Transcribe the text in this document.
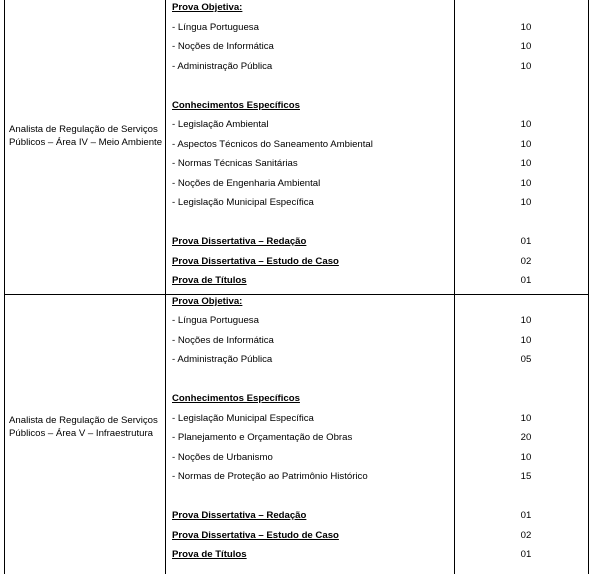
Analista de Regulação de Serviços Públicos – Área IV – Meio Ambiente
Prova Objetiva:
- Língua Portuguesa	10
- Noções de Informática	10
- Administração Pública	10
Conhecimentos Específicos
- Legislação Ambiental	10
- Aspectos Técnicos do Saneamento Ambiental	10
- Normas Técnicas Sanitárias	10
- Noções de Engenharia Ambiental	10
- Legislação Municipal Específica	10
Prova Dissertativa – Redação	01
Prova Dissertativa – Estudo de Caso	02
Prova de Títulos	01
Analista de Regulação de Serviços Públicos – Área V – Infraestrutura
Prova Objetiva:
- Língua Portuguesa	10
- Noções de Informática	10
- Administração Pública	05
Conhecimentos Específicos
- Legislação Municipal Específica	10
- Planejamento e Orçamentação de Obras	20
- Noções de Urbanismo	10
- Normas de Proteção ao Patrimônio Histórico	15
Prova Dissertativa – Redação	01
Prova Dissertativa – Estudo de Caso	02
Prova de Títulos	01
